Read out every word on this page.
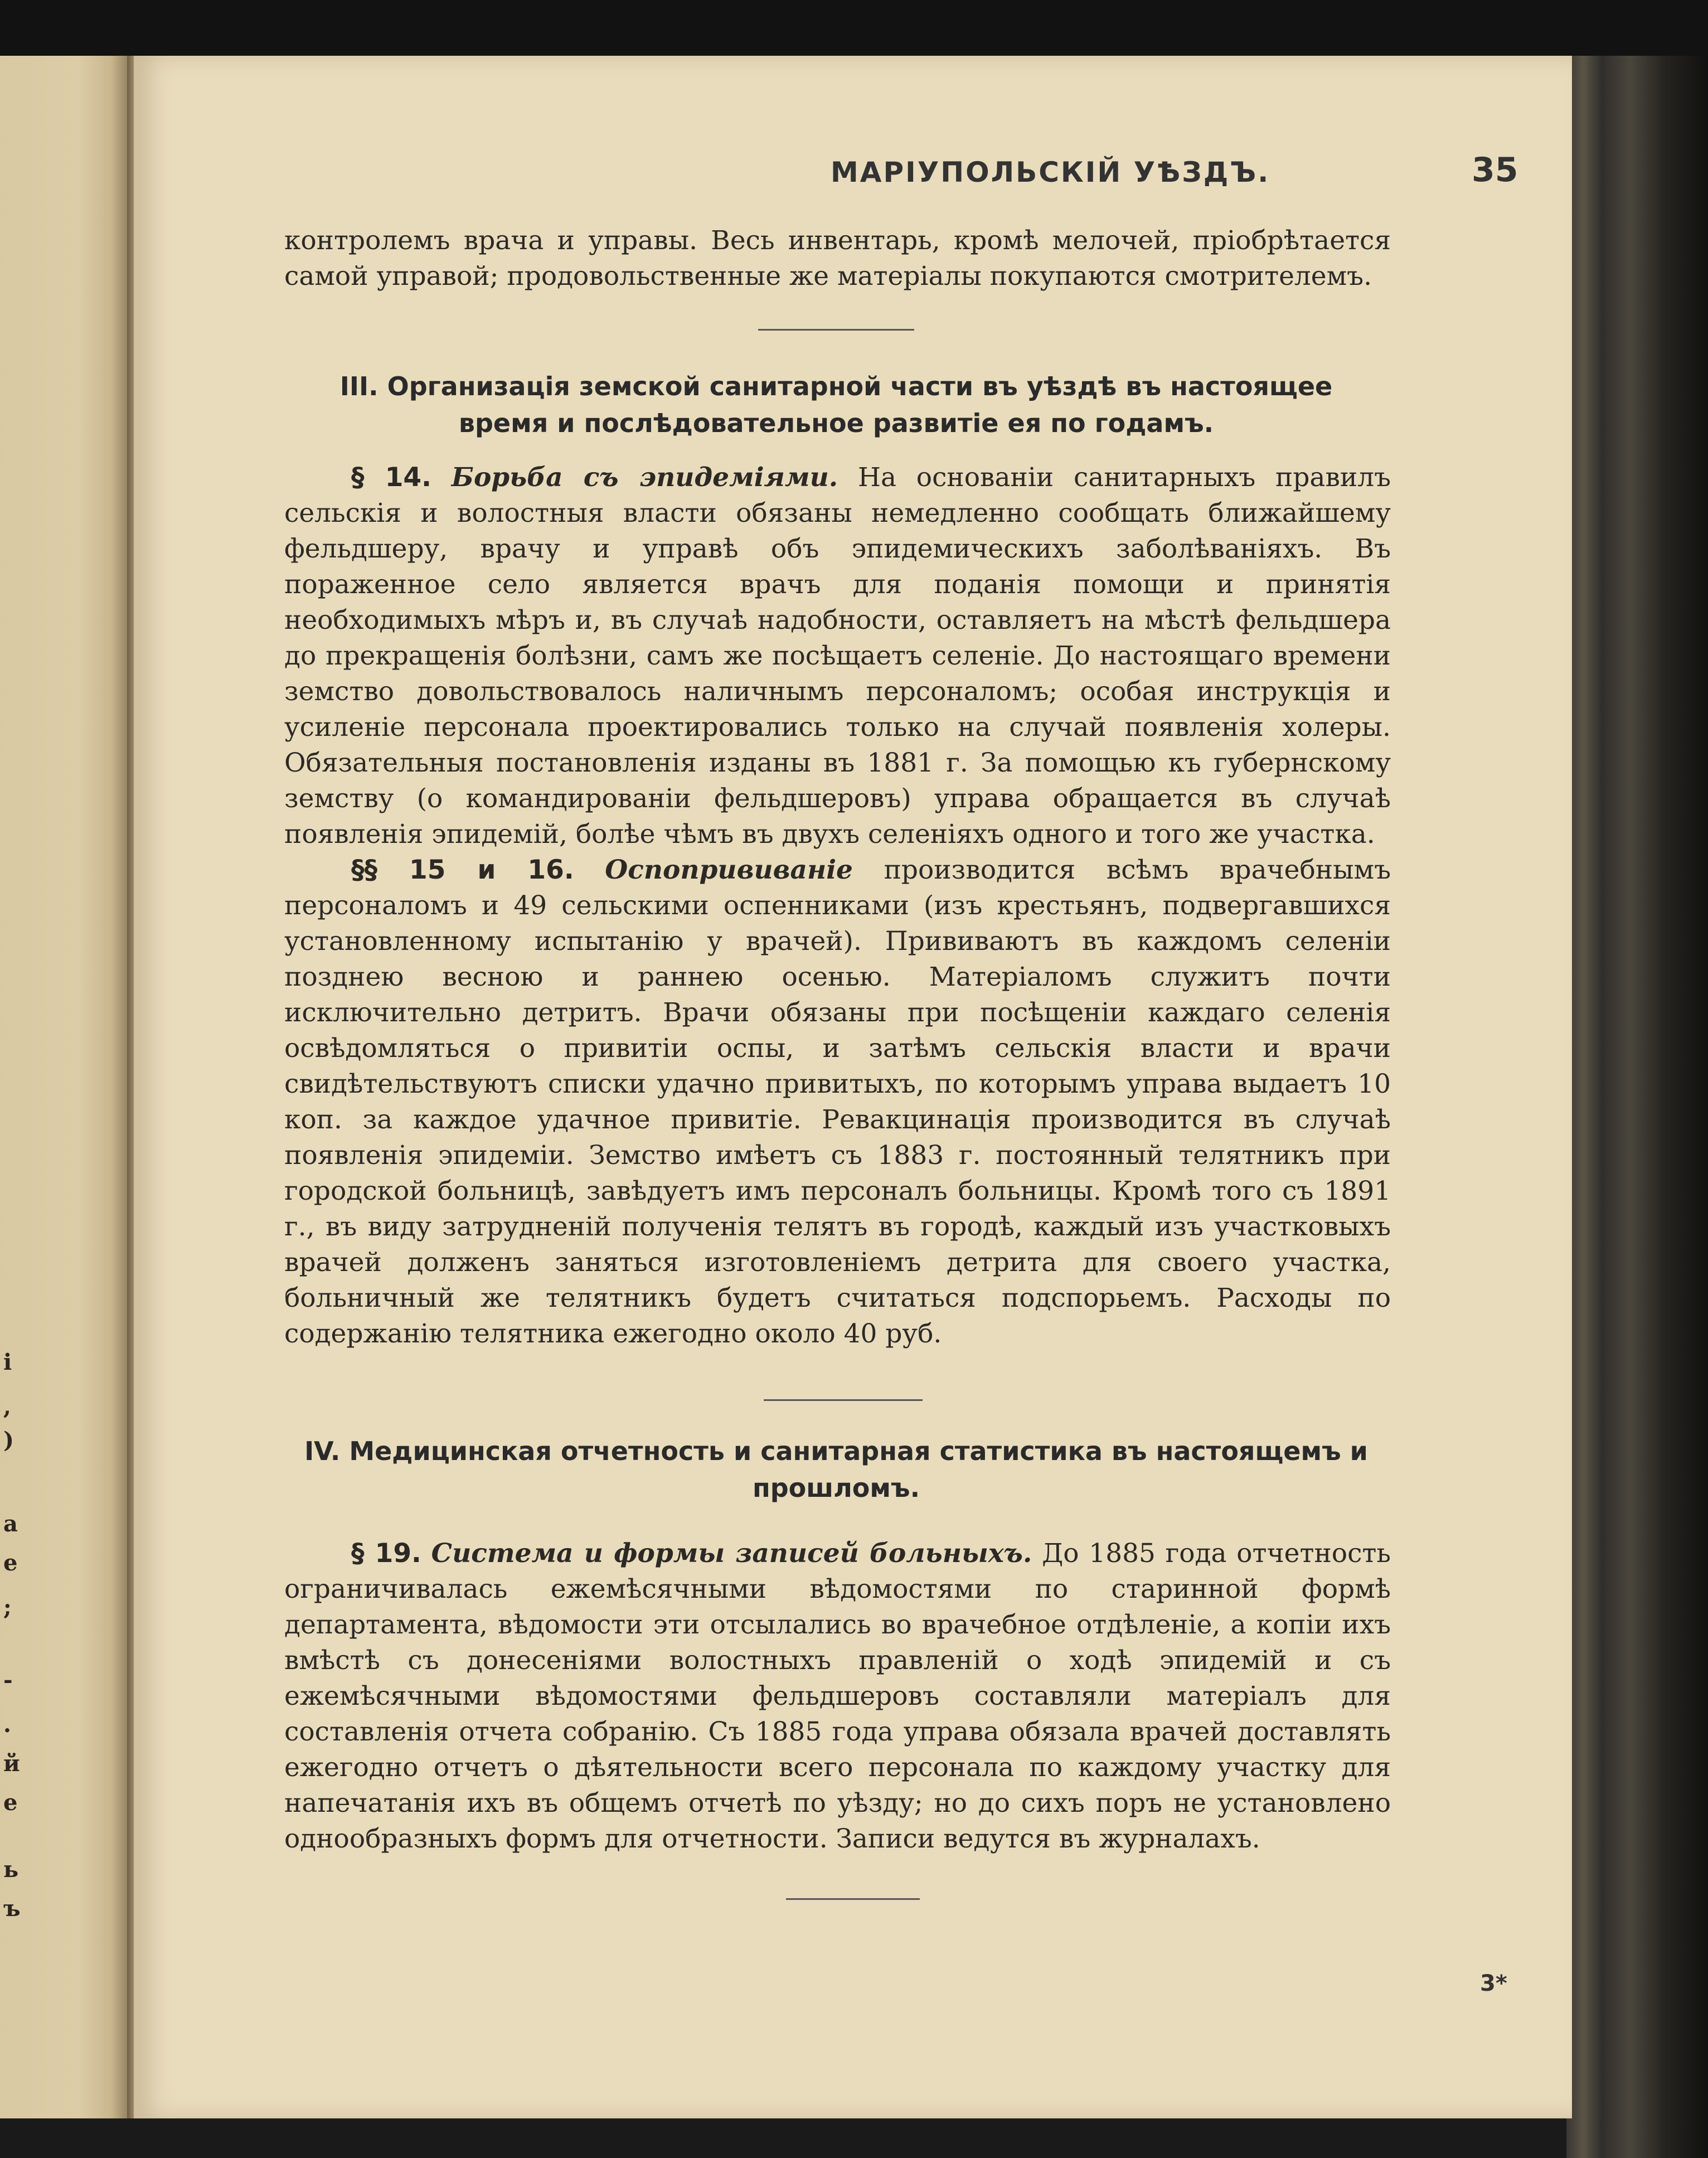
і
,
)
а
е
;
-
.
й
е
ь
ъ
МАРІУПОЛЬСКІЙ УѢЗДЪ.	35

контролемъ врача и управы. Весь инвентарь, кромѣ мелочей, пріобрѣтается самой управой; продовольственные же матеріалы покупаются смотрителемъ.

III. Организація земской санитарной части въ уѣздѣ въ настоящее время и послѣдовательное развитіе ея по годамъ.

§ 14. Борьба съ эпидеміями. На основаніи санитарныхъ правилъ сельскія и волостныя власти обязаны немедленно сообщать ближайшему фельдшеру, врачу и управѣ объ эпидемическихъ заболѣваніяхъ. Въ пораженное село является врачъ для поданія помощи и принятія необходимыхъ мѣръ и, въ случаѣ надобности, оставляетъ на мѣстѣ фельдшера до прекращенія болѣзни, самъ же посѣщаетъ селеніе. До настоящаго времени земство довольствовалось наличнымъ персоналомъ; особая инструкція и усиленіе персонала проектировались только на случай появленія холеры. Обязательныя постановленія изданы въ 1881 г. За помощью къ губернскому земству (о командированіи фельдшеровъ) управа обращается въ случаѣ появленія эпидемій, болѣе чѣмъ въ двухъ селеніяхъ одного и того же участка.

§§ 15 и 16. Оспопрививаніе производится всѣмъ врачебнымъ персоналомъ и 49 сельскими оспенниками (изъ крестьянъ, подвергавшихся установленному испытанію у врачей). Прививаютъ въ каждомъ селеніи позднею весною и раннею осенью. Матеріаломъ служитъ почти исключительно детритъ. Врачи обязаны при посѣщеніи каждаго селенія освѣдомляться о привитіи оспы, и затѣмъ сельскія власти и врачи свидѣтельствуютъ списки удачно привитыхъ, по которымъ управа выдаетъ 10 коп. за каждое удачное привитіе. Ревакцинація производится въ случаѣ появленія эпидеміи. Земство имѣетъ съ 1883 г. постоянный телятникъ при городской больницѣ, завѣдуетъ имъ персоналъ больницы. Кромѣ того съ 1891 г., въ виду затрудненій полученія телятъ въ городѣ, каждый изъ участковыхъ врачей долженъ заняться изготовленіемъ детрита для своего участка, больничный же телятникъ будетъ считаться подспорьемъ. Расходы по содержанію телятника ежегодно около 40 руб.

IV. Медицинская отчетность и санитарная статистика въ настоящемъ и прошломъ.

§ 19. Система и формы записей больныхъ. До 1885 года отчетность ограничивалась ежемѣсячными вѣдомостями по старинной формѣ департамента, вѣдомости эти отсылались во врачебное отдѣленіе, а копіи ихъ вмѣстѣ съ донесеніями волостныхъ правленій о ходѣ эпидемій и съ ежемѣсячными вѣдомостями фельдшеровъ составляли матеріалъ для составленія отчета собранію. Съ 1885 года управа обязала врачей доставлять ежегодно отчетъ о дѣятельности всего персонала по каждому участку для напечатанія ихъ въ общемъ отчетѣ по уѣзду; но до сихъ поръ не установлено однообразныхъ формъ для отчетности. Записи ведутся въ журналахъ.

3*
